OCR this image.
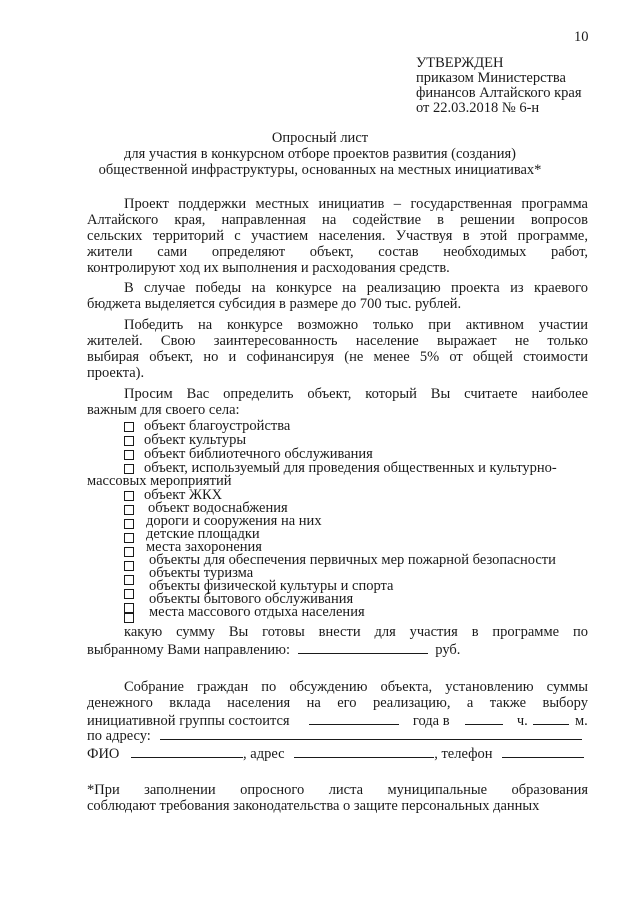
10
УТВЕРЖДЕН
приказом Министерства
финансов Алтайского края
от 22.03.2018 № 6-н
Опросный лист
для участия в конкурсном отборе проектов развития (создания)
общественной инфраструктуры, основанных на местных инициативах*
Проект поддержки местных инициатив – государственная программа
Алтайского края, направленная на содействие в решении вопросов
сельских территорий с участием населения. Участвуя в этой программе,
жители сами определяют объект, состав необходимых работ,
контролируют ход их выполнения и расходования средств.
В случае победы на конкурсе на реализацию проекта из краевого
бюджета выделяется субсидия в размере до 700 тыс. рублей.
Победить на конкурсе возможно только при активном участии
жителей. Свою заинтересованность население выражает не только
выбирая объект, но и софинансируя (не менее 5% от общей стоимости
проекта).
Просим Вас определить объект, который Вы считаете наиболее
важным для своего села:
объект благоустройства
объект культуры
объект библиотечного обслуживания
объект, используемый для проведения общественных и культурно-
массовых мероприятий
объект ЖКХ
объект водоснабжения
дороги и сооружения на них
детские площадки
места захоронения
объекты для обеспечения первичных мер пожарной безопасности
объекты туризма
объекты физической культуры и спорта
объекты бытового обслуживания
места массового отдыха населения
какую сумму Вы готовы внести для участия в программе по
выбранному Вами направлению:	руб.
Собрание граждан по обсуждению объекта, установлению суммы
денежного вклада населения на его реализацию, а также выбору
инициативной группы состоится	года в	ч.	м.
по адресу:
ФИО	, адрес	, телефон
*При заполнении опросного листа муниципальные образования
соблюдают требования законодательства о защите персональных данных
